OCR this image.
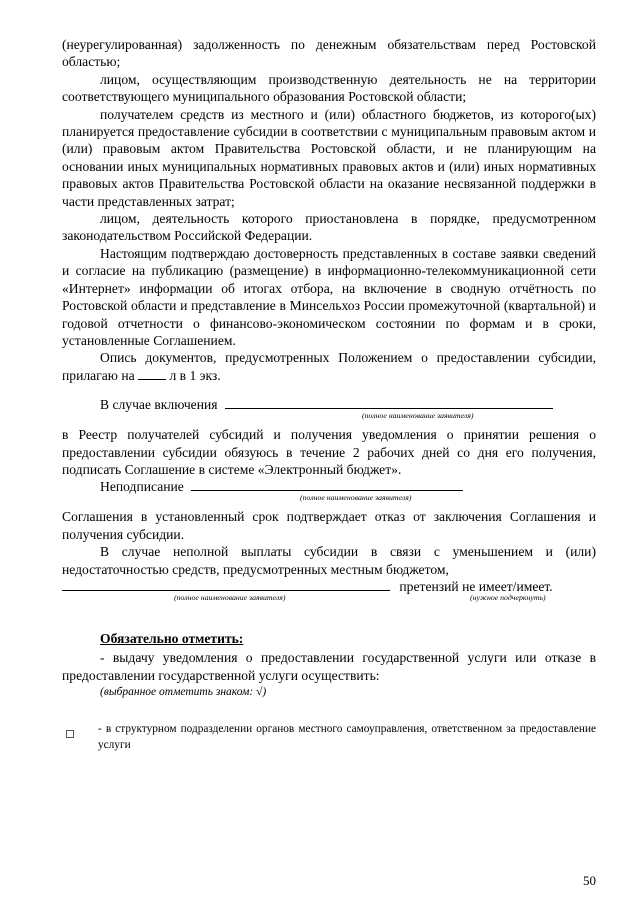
(неурегулированная) задолженность по денежным обязательствам перед Ростовской областью;

лицом, осуществляющим производственную деятельность не на территории соответствующего муниципального образования Ростовской области;

получателем средств из местного и (или) областного бюджетов, из которого(ых) планируется предоставление субсидии в соответствии с муниципальным правовым актом и (или) правовым актом Правительства Ростовской области, и не планирующим на основании иных муниципальных нормативных правовых актов и (или) иных нормативных правовых актов Правительства Ростовской области на оказание несвязанной поддержки в части представленных затрат;

лицом, деятельность которого приостановлена в порядке, предусмотренном законодательством Российской Федерации.

Настоящим подтверждаю достоверность представленных в составе заявки сведений и согласие на публикацию (размещение) в информационно-телекоммуникационной сети «Интернет» информации об итогах отбора, на включение в сводную отчётность по Ростовской области и представление в Минсельхоз России промежуточной (квартальной) и годовой отчетности о финансово-экономическом состоянии по формам и в сроки, установленные Соглашением.

Опись документов, предусмотренных Положением о предоставлении субсидии, прилагаю на	л в 1 экз.

В случае включения
(полное наименование заявителя)

в Реестр получателей субсидий и получения уведомления о принятии решения о предоставлении субсидии обязуюсь в течение 2 рабочих дней со дня его получения, подписать Соглашение в системе «Электронный бюджет».

Неподписание
(полное наименование заявителя)

Соглашения в установленный срок подтверждает отказ от заключения Соглашения и получения субсидии.

В случае неполной выплаты субсидии в связи с уменьшением и (или) недостаточностью средств, предусмотренных местным бюджетом,

претензий не имеет/имеет.
(полное наименование заявителя)	(нужное подчеркнуть)
Обязательно отметить:

- выдачу уведомления о предоставлении государственной услуги или отказе в предоставлении государственной услуги осуществить:

(выбранное отметить знаком: √)

- в структурном подразделении органов местного самоуправления, ответственном за предоставление услуги

50
